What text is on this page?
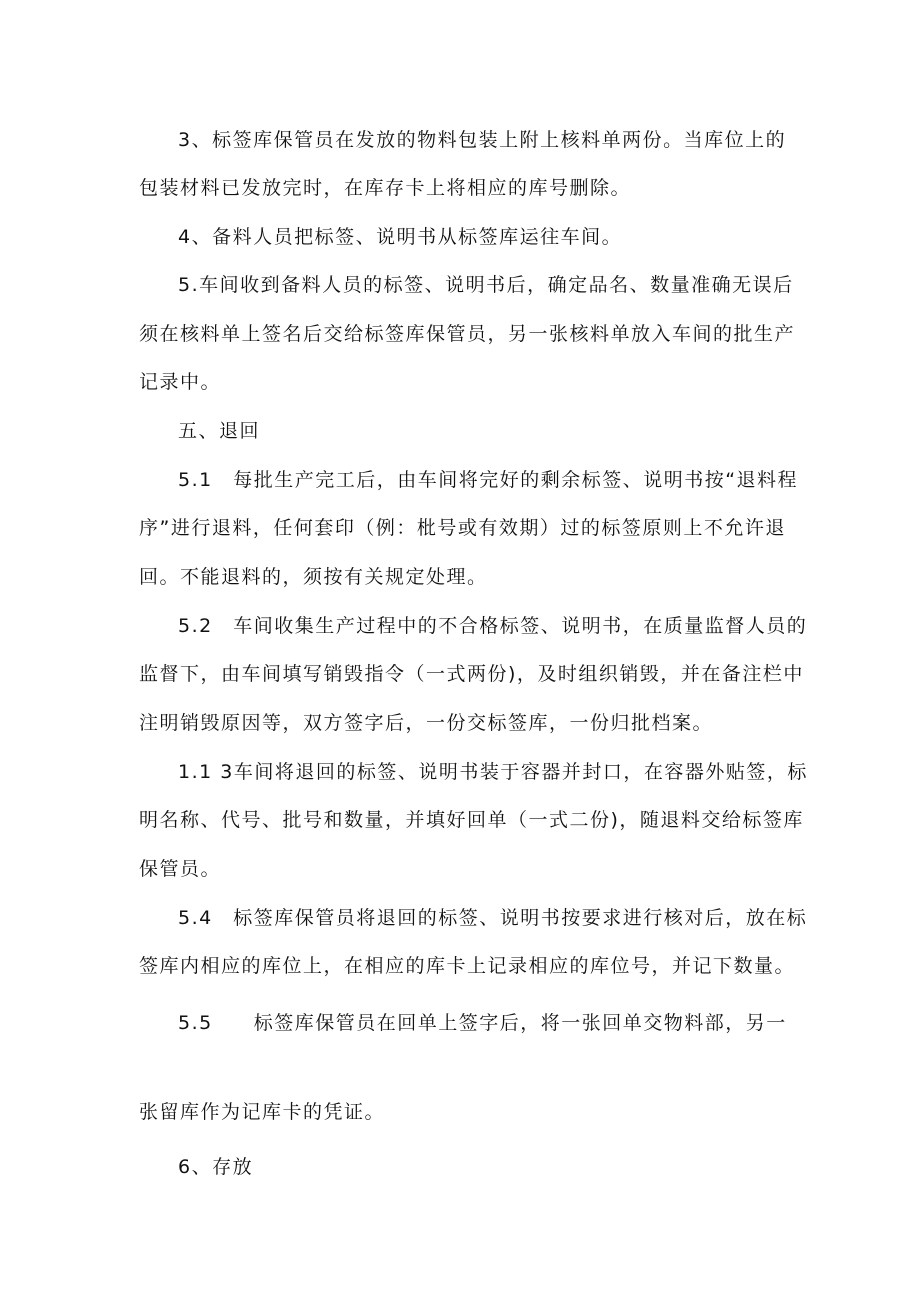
3、标签库保管员在发放的物料包装上附上核料单两份。当库位上的
包装材料已发放完时，在库存卡上将相应的库号删除。
4、备料人员把标签、说明书从标签库运往车间。
5.车间收到备料人员的标签、说明书后，确定品名、数量准确无误后
须在核料单上签名后交给标签库保管员，另一张核料单放入车间的批生产
记录中。
五、退回
5.1　每批生产完工后，由车间将完好的剩余标签、说明书按“退料程
序”进行退料，任何套印（例：枇号或有效期）过的标签原则上不允许退
回。不能退料的，须按有关规定处理。
5.2　车间收集生产过程中的不合格标签、说明书，在质量监督人员的
监督下，由车间填写销毁指令（一式两份)，及时组织销毁，并在备注栏中
注明销毁原因等，双方签字后，一份交标签库，一份归批档案。
1.1 3车间将退回的标签、说明书装于容器并封口，在容器外贴签，标
明名称、代号、批号和数量，并填好回单（一式二份)，随退料交给标签库
保管员。
5.4　标签库保管员将退回的标签、说明书按要求进行核对后，放在标
签库内相应的库位上，在相应的库卡上记录相应的库位号，并记下数量。
5.5　　标签库保管员在回单上签字后，将一张回单交物料部，另一
张留库作为记库卡的凭证。
6、存放
